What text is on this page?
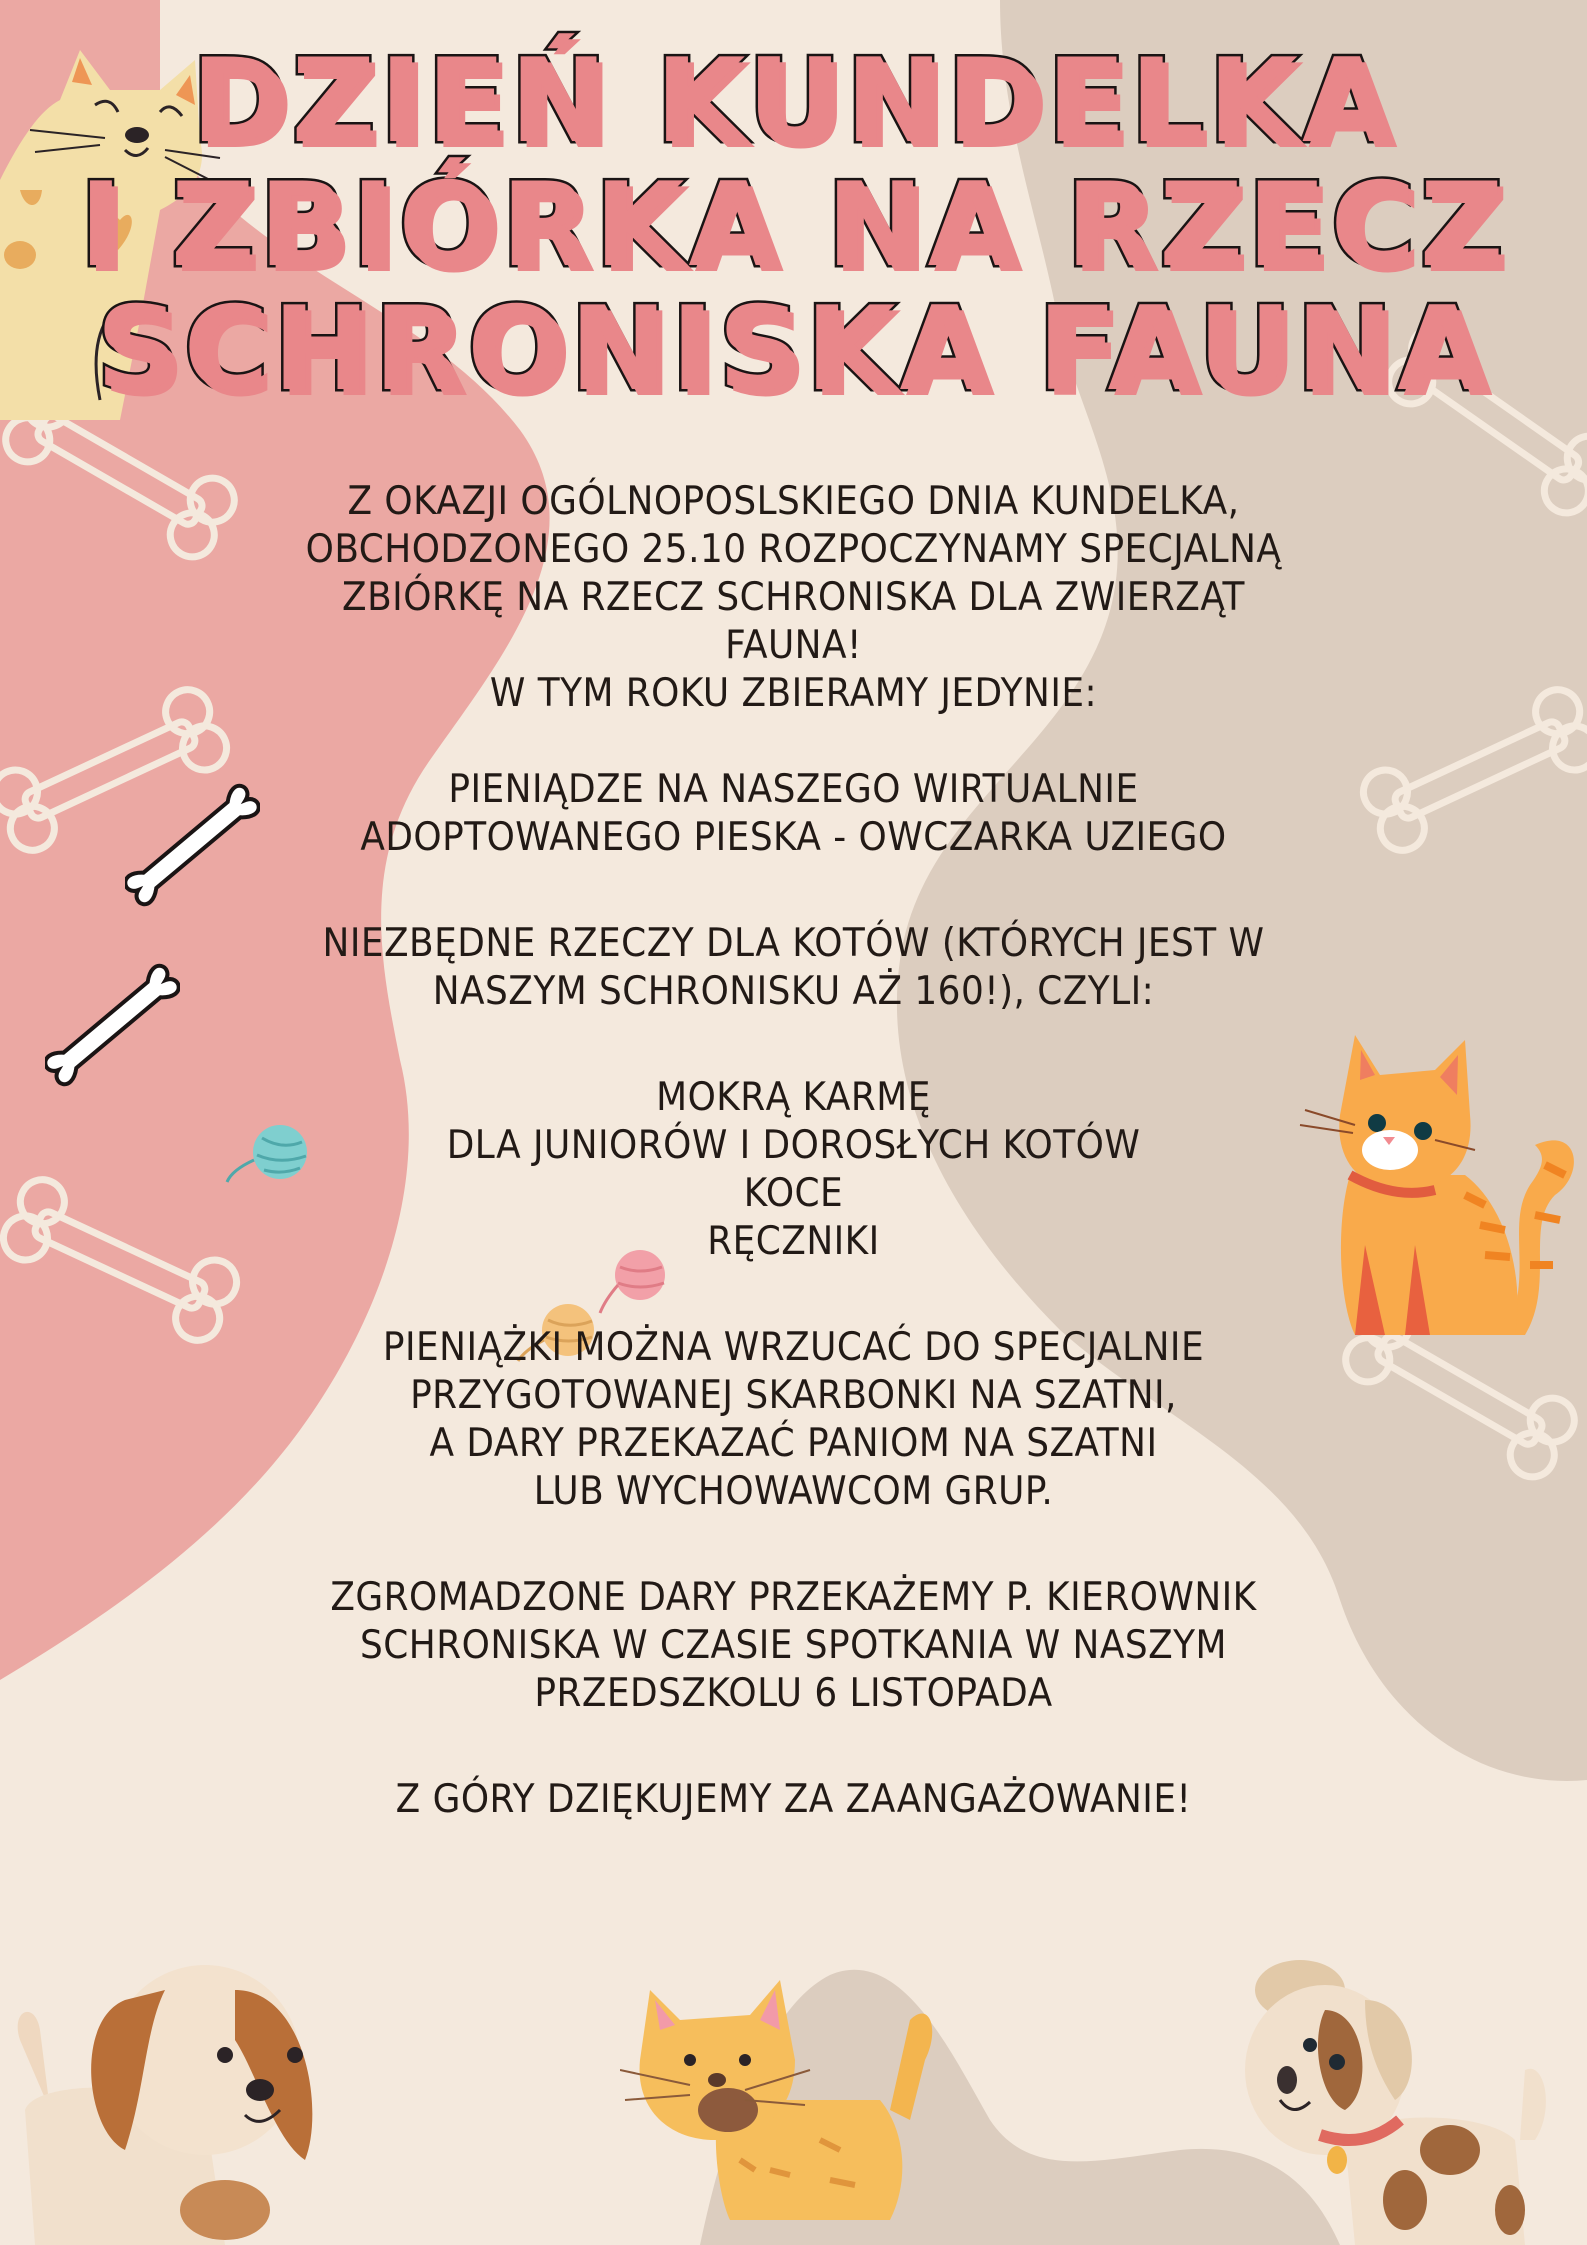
DZIEŃ KUNDELKA
I ZBIÓRKA NA RZECZ
SCHRONISKA FAUNA

Z OKAZJI OGÓLNOPOSLSKIEGO DNIA KUNDELKA,

OBCHODZONEGO 25.10 ROZPOCZYNAMY SPECJALNĄ

ZBIÓRKĘ NA RZECZ SCHRONISKA DLA ZWIERZĄT

FAUNA!

W TYM ROKU ZBIERAMY JEDYNIE:

PIENIĄDZE NA NASZEGO WIRTUALNIE

ADOPTOWANEGO PIESKA - OWCZARKA UZIEGO

NIEZBĘDNE RZECZY DLA KOTÓW (KTÓRYCH JEST W

NASZYM SCHRONISKU AŻ 160!), CZYLI:

MOKRĄ KARMĘ

DLA JUNIORÓW I DOROSŁYCH KOTÓW

KOCE

RĘCZNIKI

PIENIĄŻKI MOŻNA WRZUCAĆ DO SPECJALNIE

PRZYGOTOWANEJ SKARBONKI NA SZATNI,

A DARY PRZEKAZAĆ PANIOM NA SZATNI

LUB WYCHOWAWCOM GRUP.

ZGROMADZONE DARY PRZEKAŻEMY P. KIEROWNIK

SCHRONISKA W CZASIE SPOTKANIA W NASZYM

PRZEDSZKOLU 6 LISTOPADA

Z GÓRY DZIĘKUJEMY ZA ZAANGAŻOWANIE!
